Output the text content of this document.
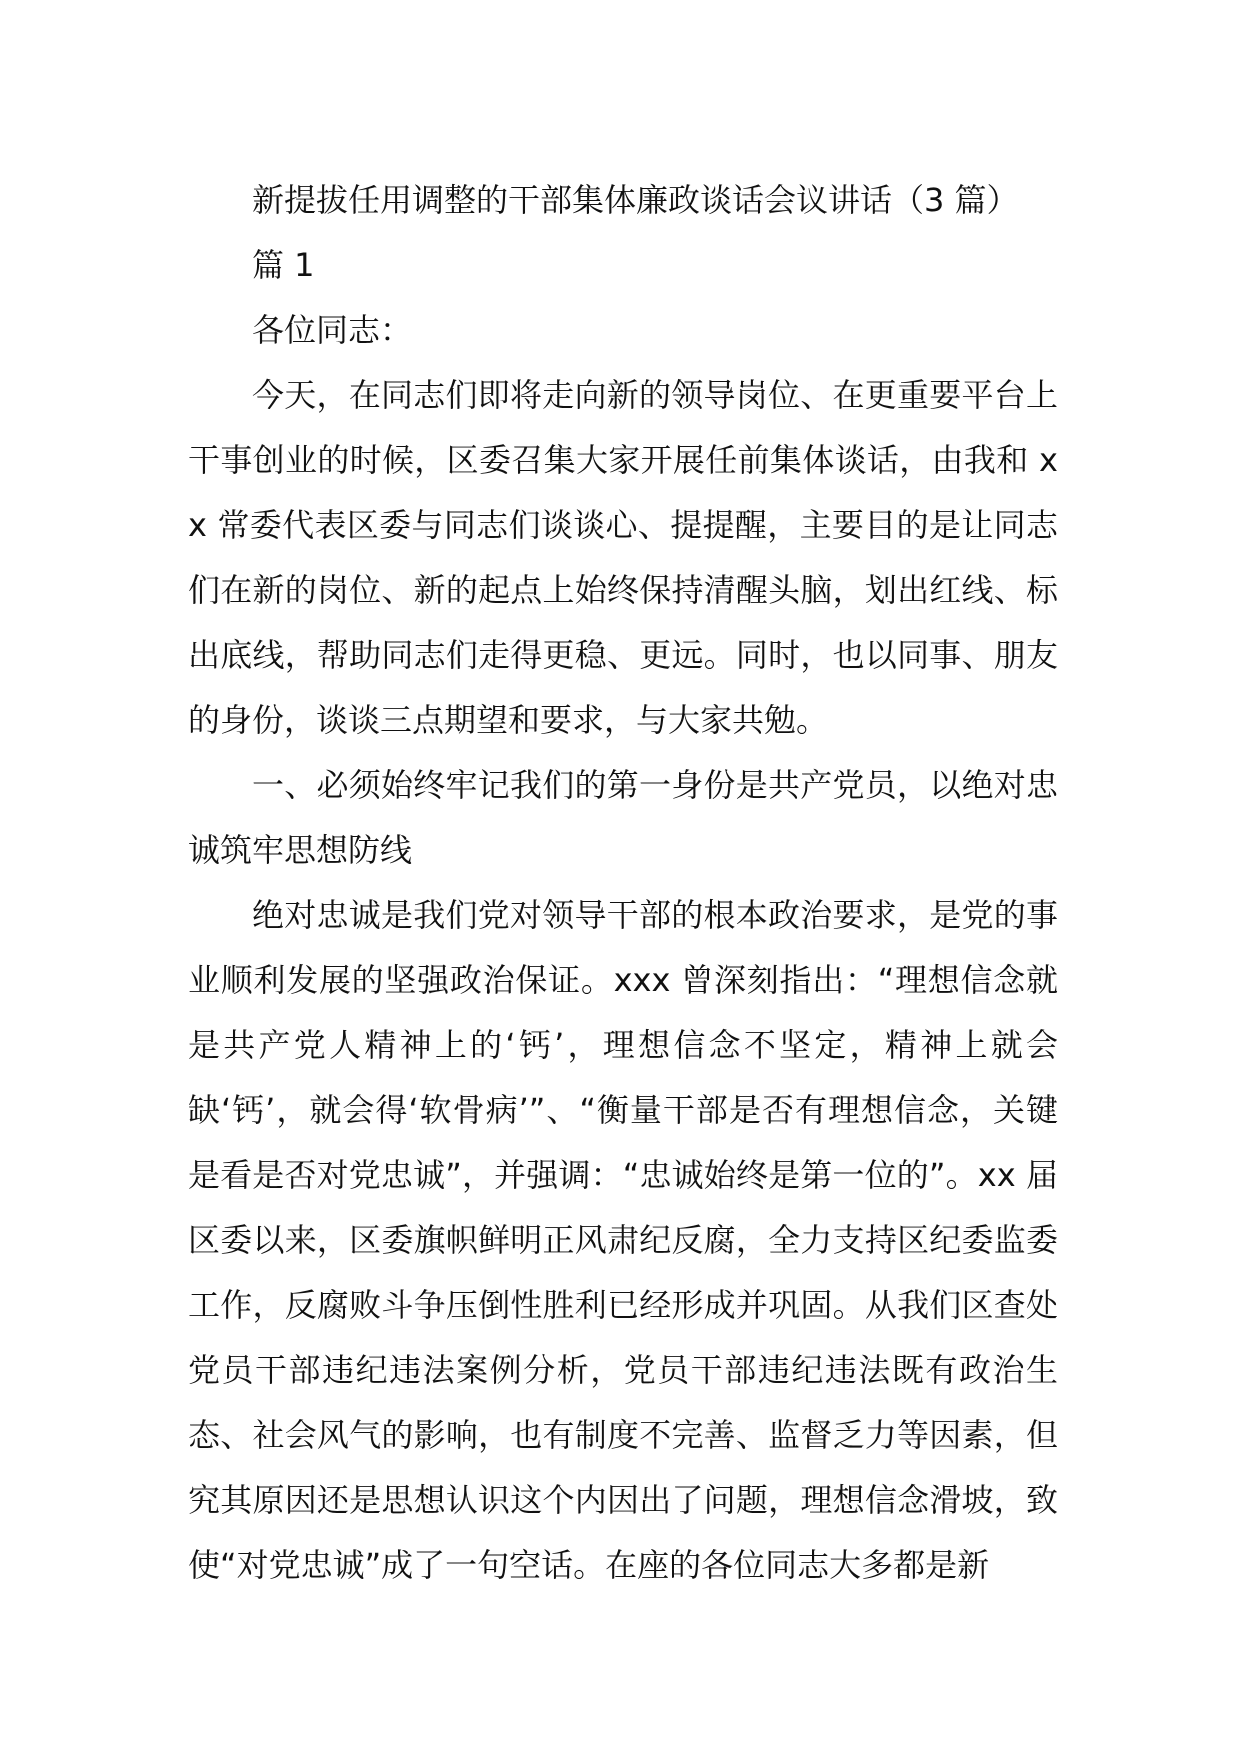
新提拔任用调整的干部集体廉政谈话会议讲话（3 篇）

篇 1

各位同志：

今天，在同志们即将走向新的领导岗位、在更重要平台上干事创业的时候，区委召集大家开展任前集体谈话，由我和 xx 常委代表区委与同志们谈谈心、提提醒，主要目的是让同志们在新的岗位、新的起点上始终保持清醒头脑，划出红线、标出底线，帮助同志们走得更稳、更远。同时，也以同事、朋友的身份，谈谈三点期望和要求，与大家共勉。

一、必须始终牢记我们的第一身份是共产党员，以绝对忠诚筑牢思想防线

绝对忠诚是我们党对领导干部的根本政治要求，是党的事业顺利发展的坚强政治保证。xxx 曾深刻指出：“理想信念就是共产党人精神上的‘钙’，理想信念不坚定，精神上就会缺‘钙’，就会得‘软骨病’”、“衡量干部是否有理想信念，关键是看是否对党忠诚”，并强调：“忠诚始终是第一位的”。xx 届区委以来，区委旗帜鲜明正风肃纪反腐，全力支持区纪委监委工作，反腐败斗争压倒性胜利已经形成并巩固。从我们区查处党员干部违纪违法案例分析，党员干部违纪违法既有政治生态、社会风气的影响，也有制度不完善、监督乏力等因素，但究其原因还是思想认识这个内因出了问题，理想信念滑坡，致使“对党忠诚”成了一句空话。在座的各位同志大多都是新
